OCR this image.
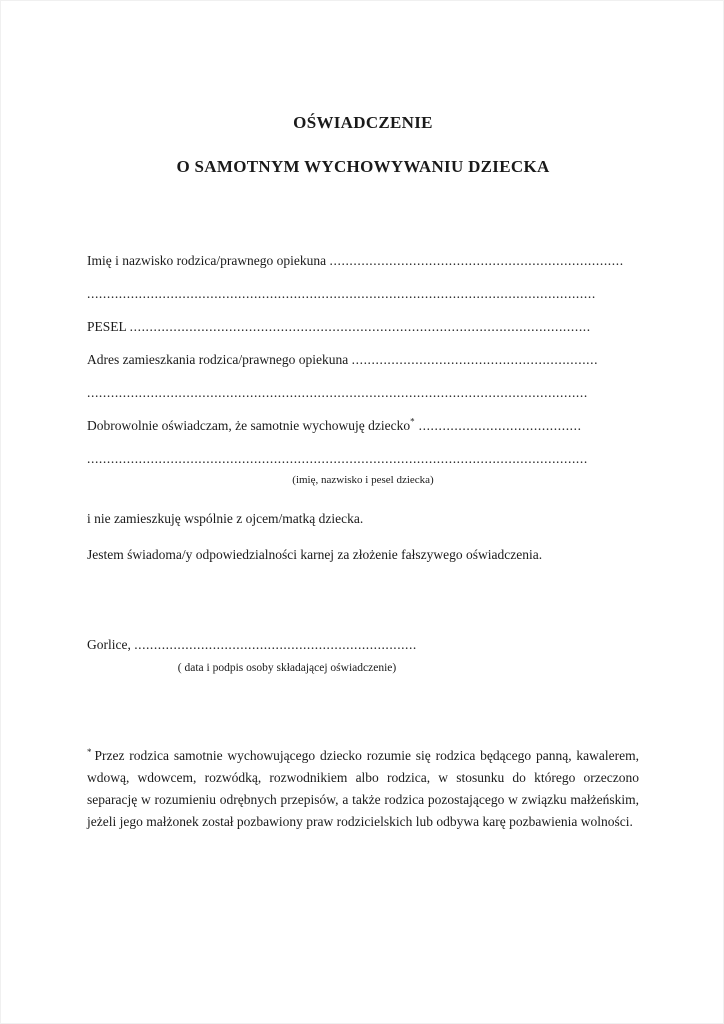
OŚWIADCZENIE
O SAMOTNYM WYCHOWYWANIU DZIECKA
Imię i nazwisko rodzica/prawnego opiekuna ..........................................................................
................................................................................................................................
PESEL ....................................................................................................................
Adres zamieszkania rodzica/prawnego opiekuna ..............................................................
..............................................................................................................................
Dobrowolnie oświadczam, że samotnie wychowuję dziecko* .........................................
..............................................................................................................................
(imię, nazwisko i pesel dziecka)
i nie zamieszkuję wspólnie z ojcem/matką dziecka.
Jestem świadoma/y odpowiedzialności karnej za złożenie fałszywego oświadczenia.
Gorlice, ........................................................................
( data i podpis osoby składającej oświadczenie)
* Przez rodzica samotnie wychowującego dziecko rozumie się rodzica będącego panną, kawalerem, wdową, wdowcem, rozwódką, rozwodnikiem albo rodzica, w stosunku do którego orzeczono separację w rozumieniu odrębnych przepisów, a także rodzica pozostającego w związku małżeńskim, jeżeli jego małżonek został pozbawiony praw rodzicielskich lub odbywa karę pozbawienia wolności.
